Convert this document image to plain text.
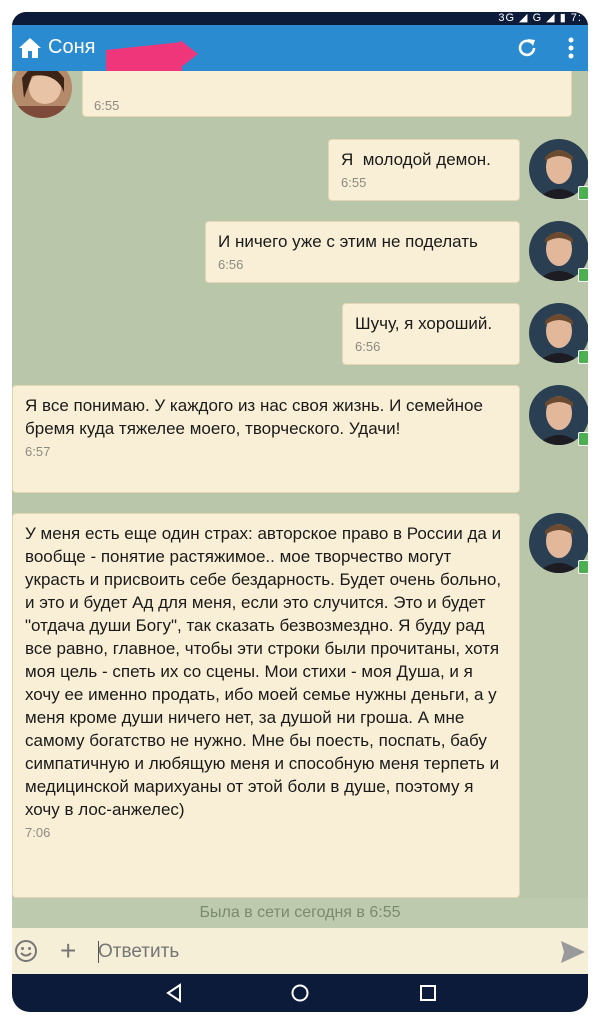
3G ◢ G ◢ ▮ 7:
Соня
6:55
Я  молодой демон.
6:55
И ничего уже с этим не поделать
6:56
Шучу, я хороший.
6:56
Я все понимаю. У каждого из нас своя жизнь. И семейное бремя куда тяжелее моего, творческого. Удачи!
6:57
У меня есть еще один страх: авторское право в России да и вообще - понятие растяжимое.. мое творчество могут украсть и присвоить себе бездарность. Будет очень больно, и это и будет Ад для меня, если это случится. Это и будет "отдача души Богу", так сказать безвозмездно. Я буду рад все равно, главное, чтобы эти строки были прочитаны, хотя моя цель - спеть их со сцены. Мои стихи - моя Душа, и я хочу ее именно продать, ибо моей семье нужны деньги, а у меня кроме души ничего нет, за душой ни гроша. А мне самому богатство не нужно. Мне бы поесть, поспать, бабу симпатичную и любящую меня и способную меня терпеть и медицинской марихуаны от этой боли в душе, поэтому я хочу в лос-анжелес)
7:06
Была в сети сегодня в 6:55
+
Ответить
